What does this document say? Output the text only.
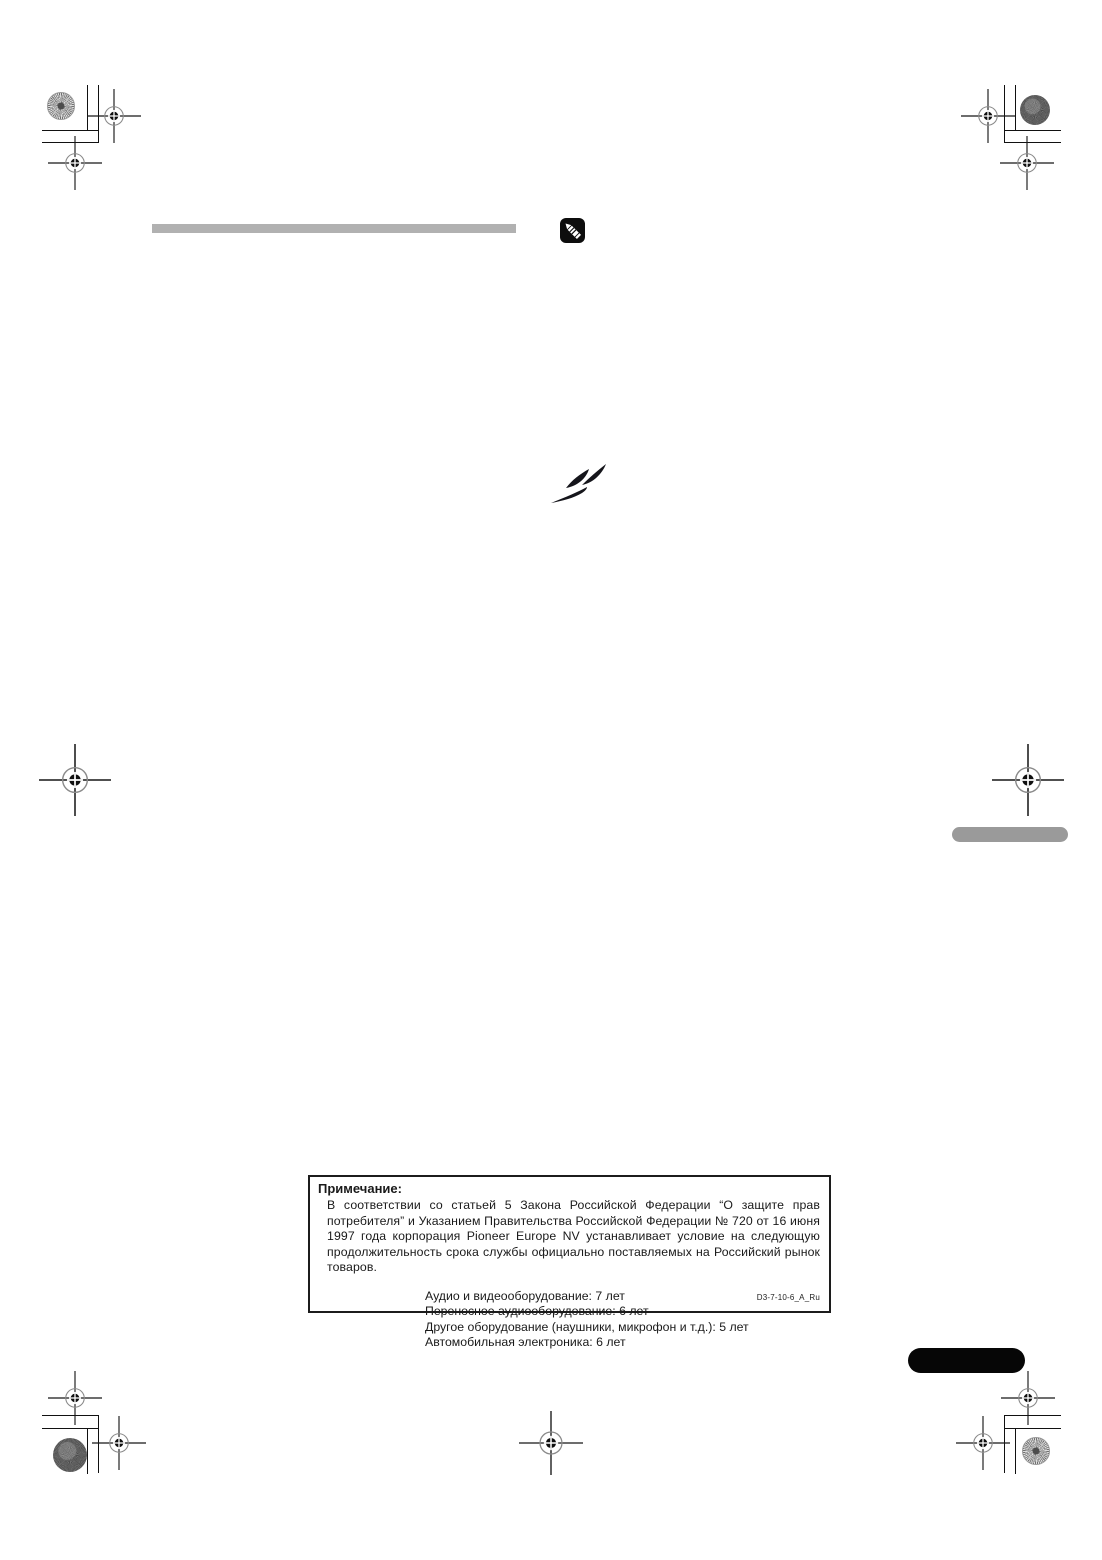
Примечание:
В соответствии со статьей 5 Закона Российской Федерации “О защите прав потребителя” и Указанием Правительства Российской Федерации № 720 от 16 июня 1997 года корпорация Pioneer Europe NV устанавливает условие на следующую продолжительность срока службы официально поставляемых на Российский рынок товаров.
Аудио и видеооборудование: 7 лет
Переносное аудиооборудование: 6 лет
Другое оборудование (наушники, микрофон и т.д.): 5 лет
Автомобильная электроника: 6 лет
D3-7-10-6_A_Ru
